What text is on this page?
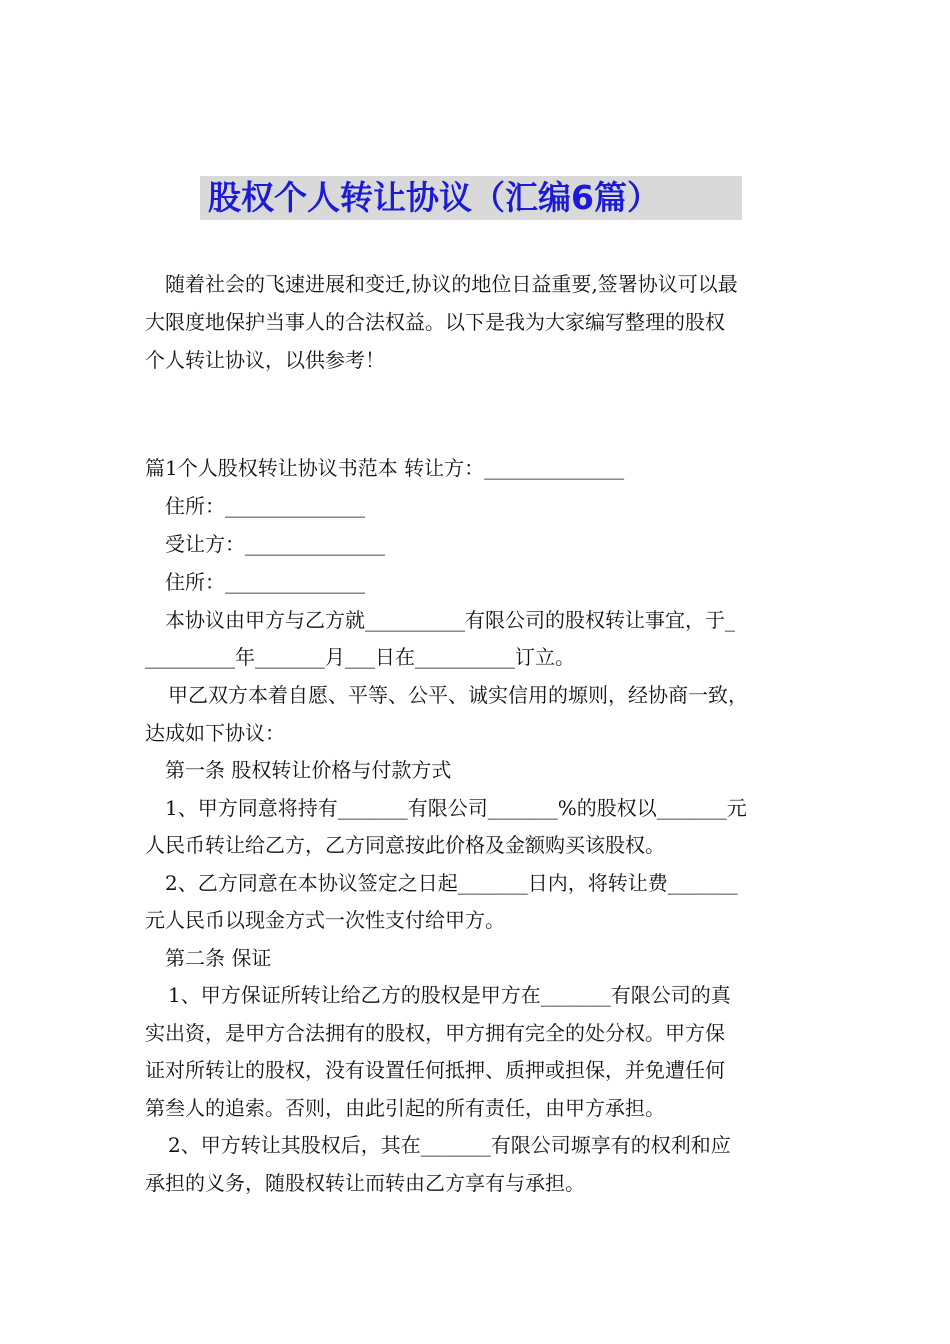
股权个人转让协议（汇编6篇）
随着社会的飞速进展和变迁,协议的地位日益重要,签署协议可以最
大限度地保护当事人的合法权益。以下是我为大家编写整理的股权
个人转让协议，以供参考！
篇1个人股权转让协议书范本 转让方：______________
住所：______________
受让方：______________
住所：______________
本协议由甲方与乙方就__________有限公司的股权转让事宜，于_
_________年_______月___日在__________订立。
甲乙双方本着自愿、平等、公平、诚实信用的塬则，经协商一致，
达成如下协议：
第一条 股权转让价格与付款方式
1、甲方同意将持有_______有限公司_______%的股权以_______元
人民币转让给乙方，乙方同意按此价格及金额购买该股权。
2、乙方同意在本协议签定之日起_______日内，将转让费_______
元人民币以现金方式一次性支付给甲方。
第二条 保证
1、甲方保证所转让给乙方的股权是甲方在_______有限公司的真
实出资，是甲方合法拥有的股权，甲方拥有完全的处分权。甲方保
证对所转让的股权，没有设置任何抵押、质押或担保，并免遭任何
第叁人的追索。否则，由此引起的所有责任，由甲方承担。
2、甲方转让其股权后，其在_______有限公司塬享有的权利和应
承担的义务，随股权转让而转由乙方享有与承担。
